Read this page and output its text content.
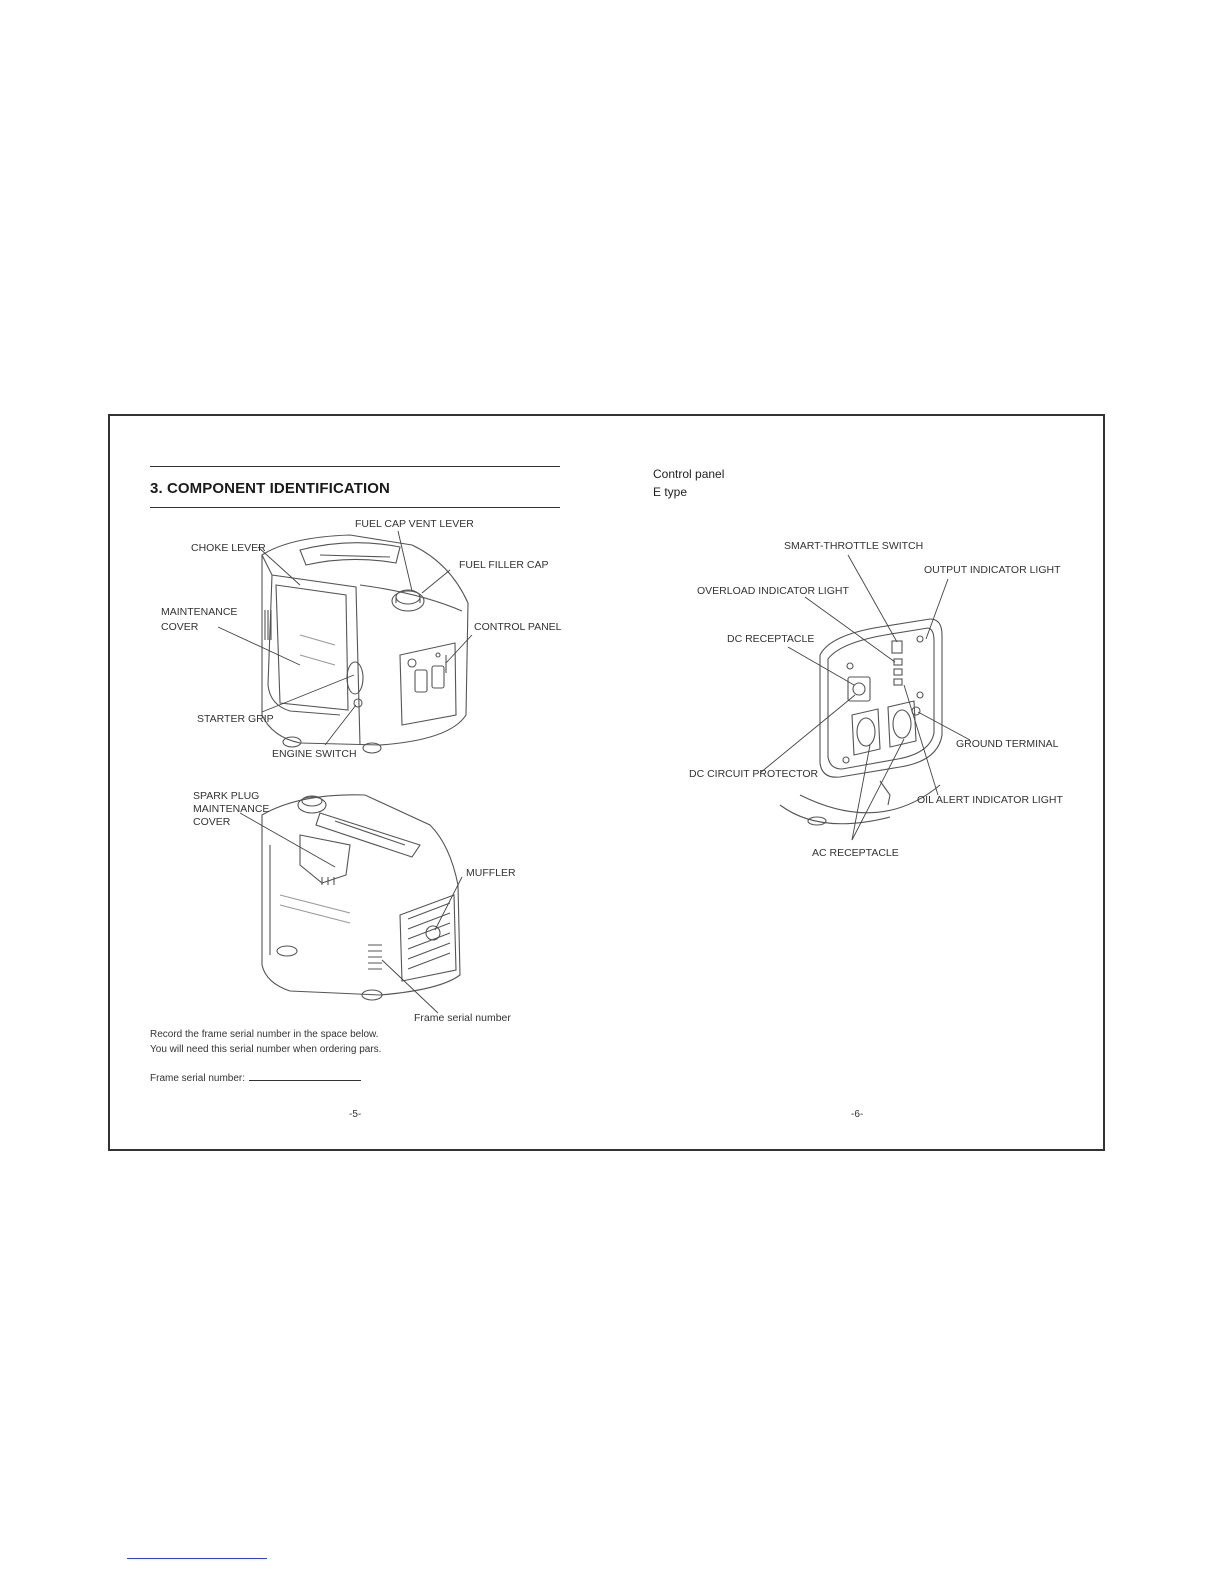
3. COMPONENT IDENTIFICATION
FUEL CAP VENT LEVER
CHOKE LEVER
FUEL FILLER CAP
MAINTENANCE
COVER	CONTROL PANEL
STARTER GRIP
ENGINE SWITCH
SPARK PLUG
MAINTENANCE
COVER
MUFFLER
Frame serial number
Record the frame serial number in the space below.
You will need this serial number when ordering pars.
Frame serial number:
-5-
Control panel
E type
SMART-THROTTLE SWITCH
OUTPUT INDICATOR LIGHT
OVERLOAD INDICATOR LIGHT
DC RECEPTACLE
GROUND TERMINAL
DC CIRCUIT PROTECTOR
OIL ALERT INDICATOR LIGHT
AC RECEPTACLE
-6-
